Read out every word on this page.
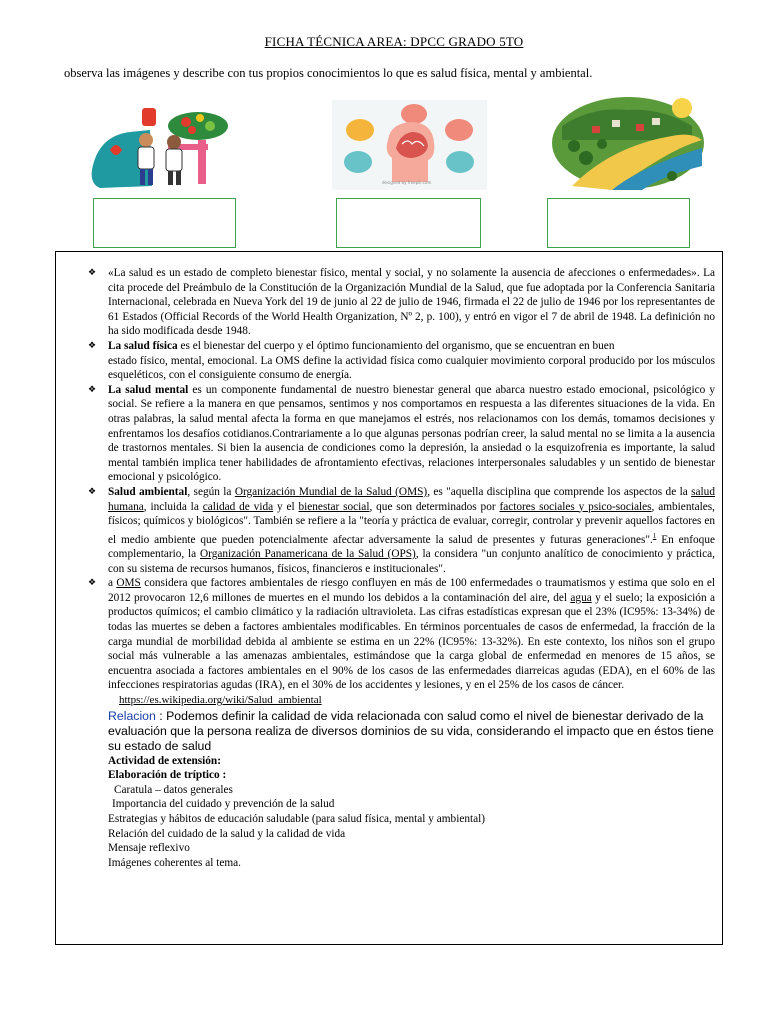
FICHA TÉCNICA AREA: DPCC GRADO 5TO
observa las imágenes y describe con tus propios conocimientos lo que es salud física, mental y ambiental.
designed by freepik.com
❖ «La salud es un estado de completo bienestar físico, mental y social, y no solamente la ausencia de afecciones o enfermedades». La cita procede del Preámbulo de la Constitución de la Organización Mundial de la Salud, que fue adoptada por la Conferencia Sanitaria Internacional, celebrada en Nueva York del 19 de junio al 22 de julio de 1946, firmada el 22 de julio de 1946 por los representantes de 61 Estados (Official Records of the World Health Organization, Nº 2, p. 100), y entró en vigor el 7 de abril de 1948. La definición no ha sido modificada desde 1948.
❖ La salud física es el bienestar del cuerpo y el óptimo funcionamiento del organismo, que se encuentran en buen
estado físico, mental, emocional. La OMS define la actividad física como cualquier movimiento corporal producido por los músculos esqueléticos, con el consiguiente consumo de energía.
❖ La salud mental es un componente fundamental de nuestro bienestar general que abarca nuestro estado emocional, psicológico y social. Se refiere a la manera en que pensamos, sentimos y nos comportamos en respuesta a las diferentes situaciones de la vida. En otras palabras, la salud mental afecta la forma en que manejamos el estrés, nos relacionamos con los demás, tomamos decisiones y enfrentamos los desafíos cotidianos.Contrariamente a lo que algunas personas podrían creer, la salud mental no se limita a la ausencia de trastornos mentales. Si bien la ausencia de condiciones como la depresión, la ansiedad o la esquizofrenia es importante, la salud mental también implica tener habilidades de afrontamiento efectivas, relaciones interpersonales saludables y un sentido de bienestar emocional y psicológico.
❖ Salud ambiental, según la Organización Mundial de la Salud (OMS), es "aquella disciplina que comprende los aspectos de la salud humana, incluida la calidad de vida y el bienestar social, que son determinados por factores sociales y psico-sociales, ambientales, físicos; químicos y biológicos". También se refiere a la "teoría y práctica de evaluar, corregir, controlar y prevenir aquellos factores en el medio ambiente que pueden potencialmente afectar adversamente la salud de presentes y futuras generaciones".$^1$ En enfoque complementario, la Organización Panamericana de la Salud (OPS), la considera "un conjunto analítico de conocimiento y práctica, con su sistema de recursos humanos, físicos, financieros e institucionales".
❖ a OMS considera que factores ambientales de riesgo confluyen en más de 100 enfermedades o traumatismos y estima que solo en el 2012 provocaron 12,6 millones de muertes en el mundo los debidos a la contaminación del aire, del agua y el suelo; la exposición a productos químicos; el cambio climático y la radiación ultravioleta. Las cifras estadísticas expresan que el 23% (IC95%: 13-34%) de todas las muertes se deben a factores ambientales modificables. En términos porcentuales de casos de enfermedad, la fracción de la carga mundial de morbilidad debida al ambiente se estima en un 22% (IC95%: 13-32%). En este contexto, los niños son el grupo social más vulnerable a las amenazas ambientales, estimándose que la carga global de enfermedad en menores de 15 años, se encuentra asociada a factores ambientales en el 90% de los casos de las enfermedades diarreicas agudas (EDA), en el 60% de las infecciones respiratorias agudas (IRA), en el 30% de los accidentes y lesiones, y en el 25% de los casos de cáncer.
https://es.wikipedia.org/wiki/Salud_ambiental
Relacion : Podemos definir la calidad de vida relacionada con salud como el nivel de bienestar derivado de la evaluación que la persona realiza de diversos dominios de su vida, considerando el impacto que en éstos tiene su estado de salud
Actividad de extensión:
Elaboración de tríptico :
Caratula – datos generales
Importancia del cuidado y prevención de la salud
Estrategias y hábitos de educación saludable (para salud física, mental y ambiental)
Relación del cuidado de la salud y la calidad de vida
Mensaje reflexivo
Imágenes coherentes al tema.
